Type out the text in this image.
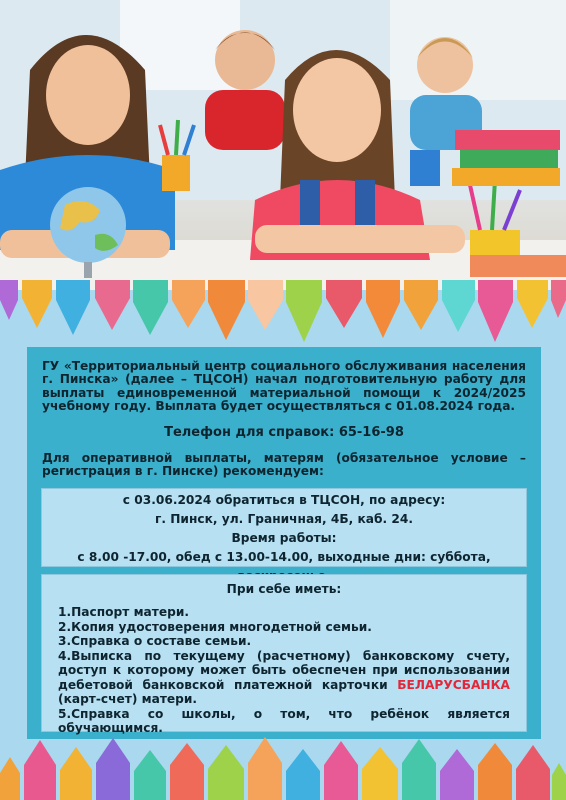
ГУ «Территориальный центр социального обслуживания населения г. Пинска» (далее – ТЦСОН) начал подготовительную работу для выплаты единовременной материальной помощи к 2024/2025 учебному году. Выплата будет осуществляться с 01.08.2024 года.
Телефон для справок: 65-16-98
Для оперативной выплаты, матерям (обязательное условие – регистрация в г. Пинске) рекомендуем:
с 03.06.2024 обратиться в ТЦСОН, по адресу:
г. Пинск, ул. Граничная, 4Б, каб. 24.
Время работы:
с 8.00 -17.00, обед с 13.00-14.00, выходные дни: суббота,
При себе иметь:
1.Паспорт матери.
2.Копия удостоверения многодетной семьи.
3.Справка о составе семьи.
4.Выписка по текущему (расчетному) банковскому счету, доступ к которому может быть обеспечен при использовании дебетовой банковской платежной карточки БЕЛАРУСБАНКА (карт-счет) матери.
5.Справка со школы, о том, что ребёнок является обучающимся.
